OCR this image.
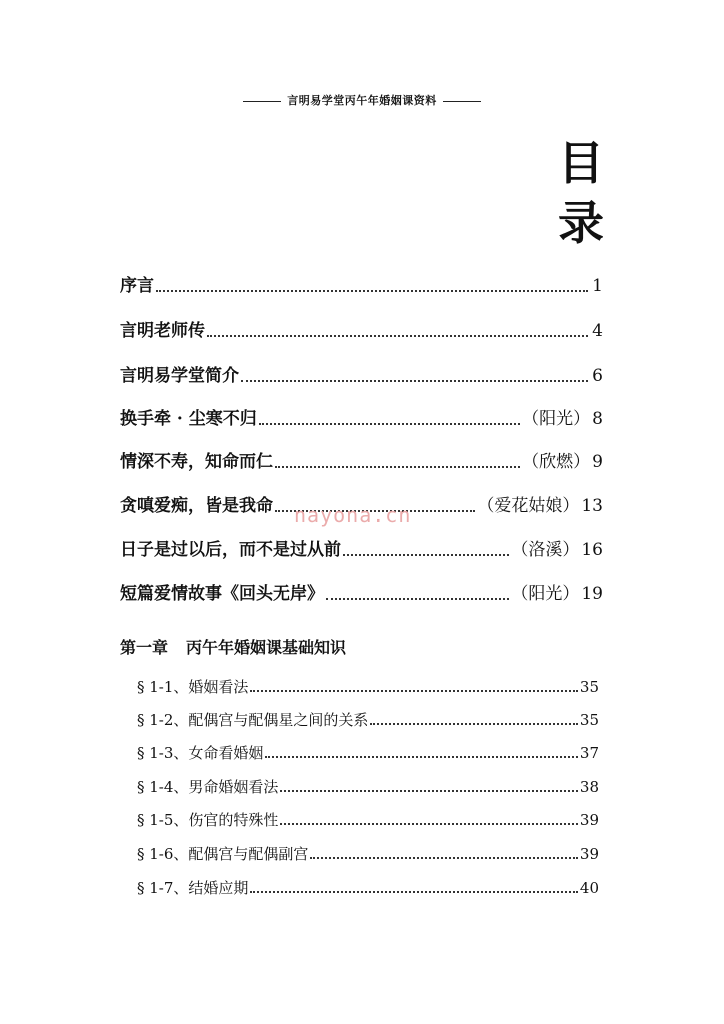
言明易学堂丙午年婚姻课资料
目
录
序言	1
言明老师传	4
言明易学堂简介	6
换手牵 · 尘寒不归	（阳光） 8
情深不寿，知命而仁	（欣燃） 9
贪嗔爱痴，皆是我命	（爱花姑娘） 13
日子是过以后，而不是过从前	（洛溪） 16
短篇爱情故事《回头无岸》	（阳光） 19
第一章 丙午年婚姻课基础知识
§ 1-1、婚姻看法	35
§ 1-2、配偶宫与配偶星之间的关系	35
§ 1-3、女命看婚姻	37
§ 1-4、男命婚姻看法	38
§ 1-5、伤官的特殊性	39
§ 1-6、配偶宫与配偶副宫	39
§ 1-7、结婚应期	40
nayona.cn
